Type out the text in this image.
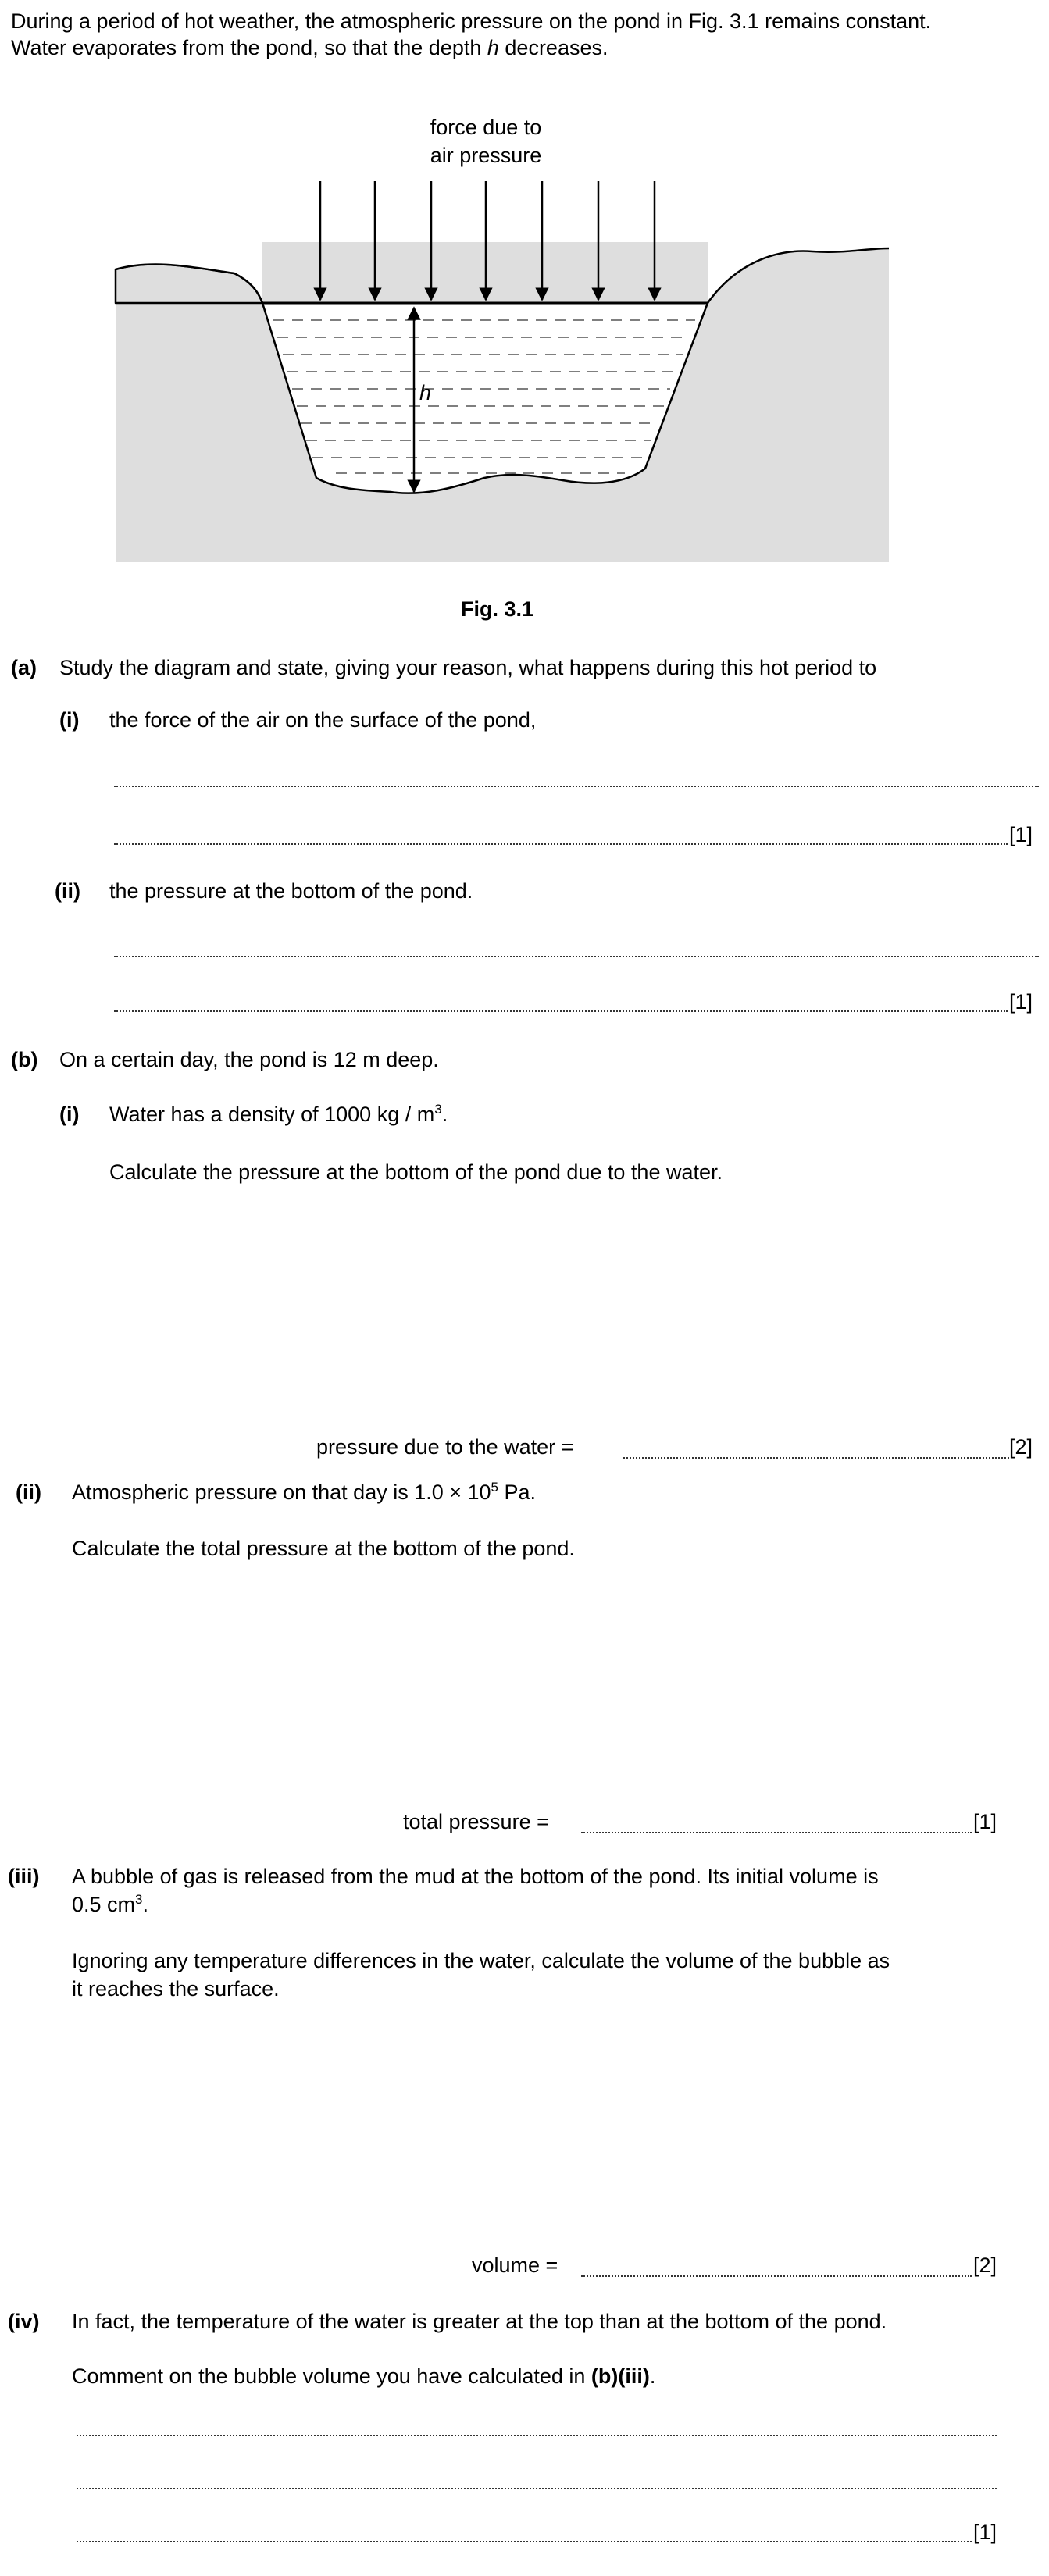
During a period of hot weather, the atmospheric pressure on the pond in Fig. 3.1 remains constant.
Water evaporates from the pond, so that the depth h decreases.
force due to
air pressure
h
Fig. 3.1
(a) Study the diagram and state, giving your reason, what happens during this hot period to
(i) the force of the air on the surface of the pond,
[1]
(ii) the pressure at the bottom of the pond.
[1]
(b) On a certain day, the pond is 12 m deep.
(i) Water has a density of 1000 kg / $m^3$.
Calculate the pressure at the bottom of the pond due to the water.
pressure due to the water =	[2]
(ii) Atmospheric pressure on that day is $1.0 \times 10^5$ Pa.
Calculate the total pressure at the bottom of the pond.
total pressure =	[1]
(iii) A bubble of gas is released from the mud at the bottom of the pond. Its initial volume is
0.5 $cm^3$.
Ignoring any temperature differences in the water, calculate the volume of the bubble as
it reaches the surface.
volume =	[2]
(iv) In fact, the temperature of the water is greater at the top than at the bottom of the pond.
Comment on the bubble volume you have calculated in (b)(iii).
[1]
